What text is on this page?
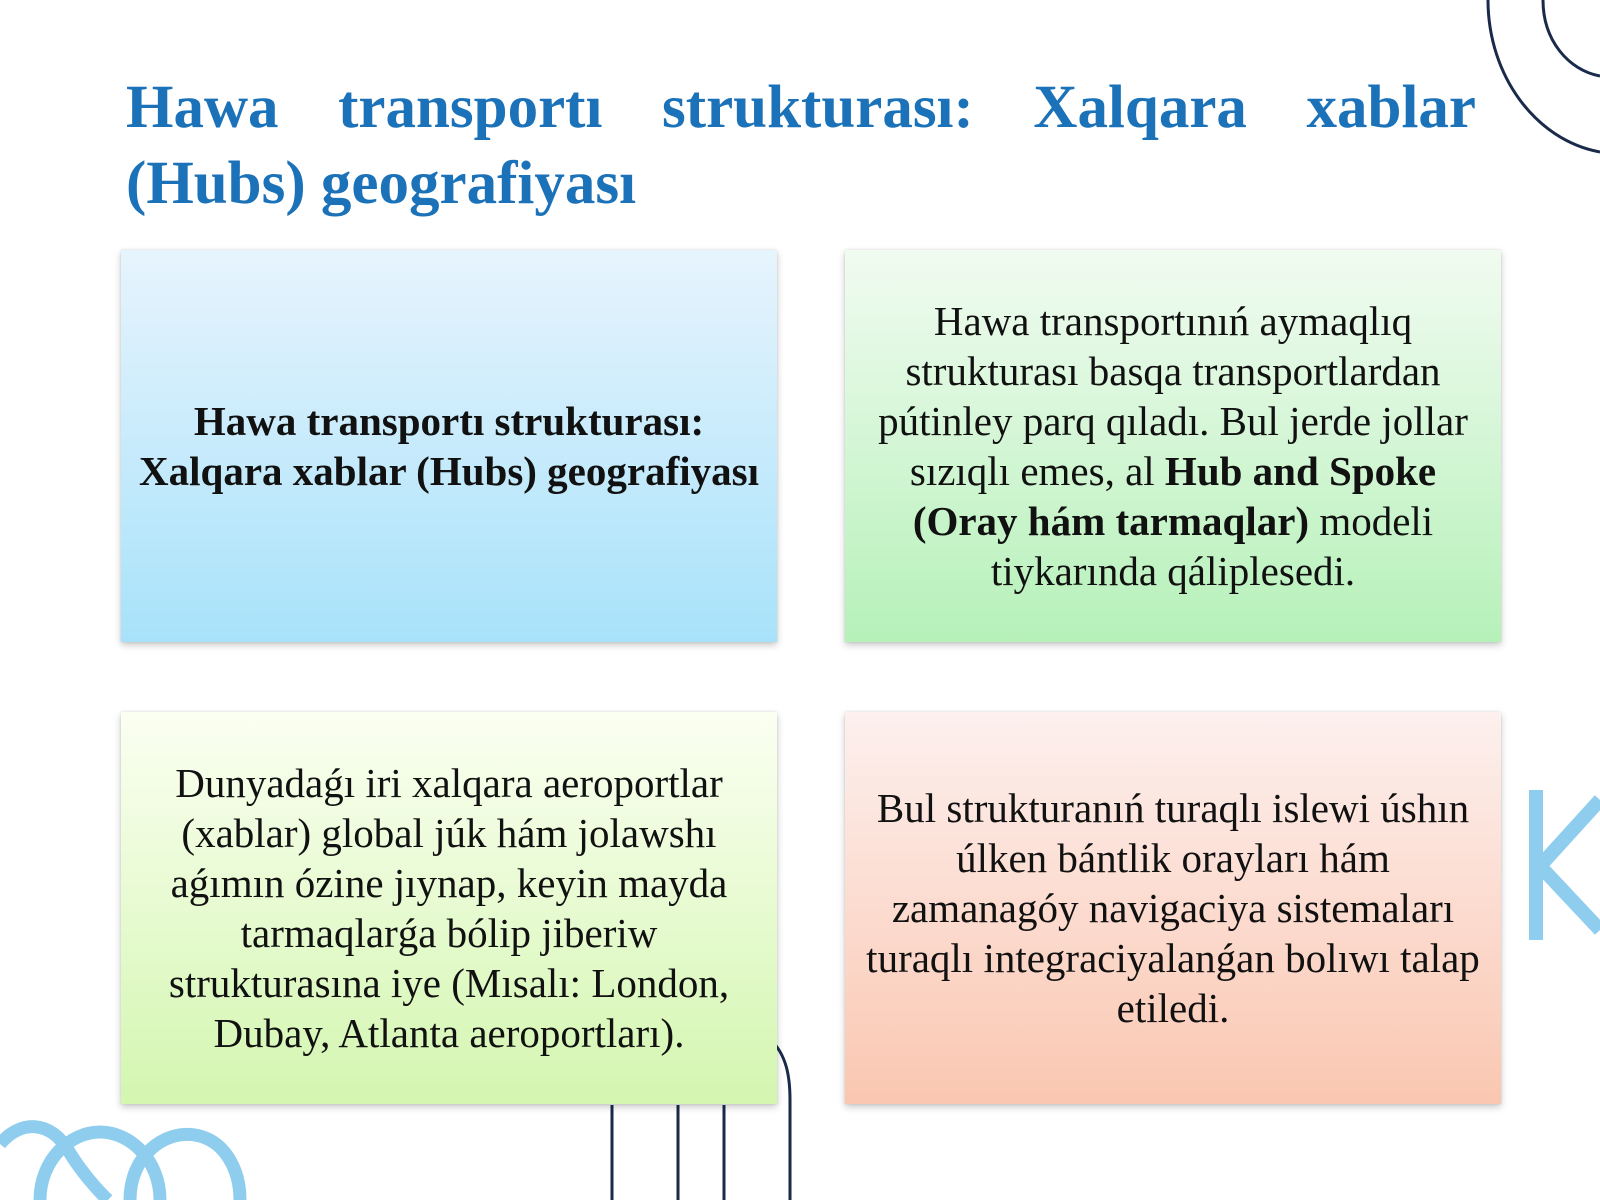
Hawa transportı strukturası: Xalqara xablar (Hubs) geografiyası

Hawa transportı strukturası: Xalqara xablar (Hubs) geografiyası

Hawa transportınıń aymaqlıq strukturası basqa transportlardan pútinley parq qıladı. Bul jerde jollar sızıqlı emes, al Hub and Spoke (Oray hám tarmaqlar) modeli tiykarında qáliplesedi.

Dunyadaǵı iri xalqara aeroportlar (xablar) global júk hám jolawshı aǵımın ózine jıynap, keyin mayda tarmaqlarǵa bólip jiberiw strukturasına iye (Mısalı: London, Dubay, Atlanta aeroportları).

Bul strukturanıń turaqlı islewi úshın úlken bántlik orayları hám zamanagóy navigaciya sistemaları turaqlı integraciyalanǵan bolıwı talap etiledi.
